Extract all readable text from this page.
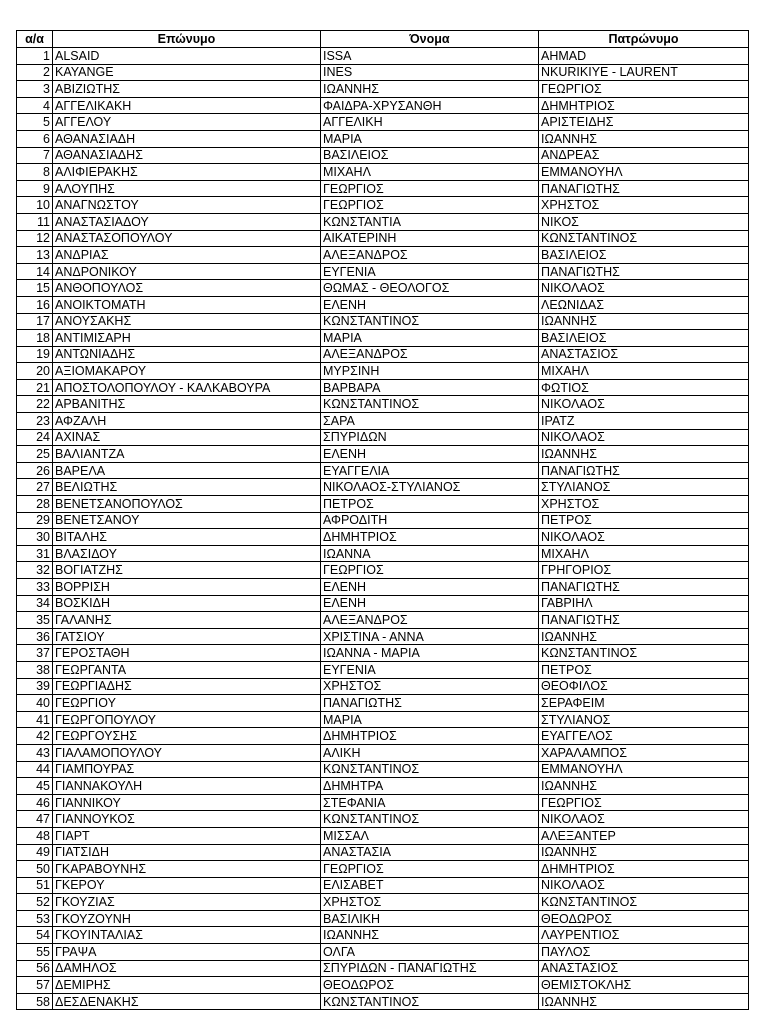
α/α	Επώνυμο	Όνομα	Πατρώνυμο
1	ALSAID	ISSA	AHMAD
2	KAYANGE	INES	NKURIKIYE - LAURENT
3	ΑΒΙΖΙΩΤΗΣ	ΙΩΑΝΝΗΣ	ΓΕΩΡΓΙΟΣ
4	ΑΓΓΕΛΙΚΑΚΗ	ΦΑΙΔΡΑ-ΧΡΥΣΑΝΘΗ	ΔΗΜΗΤΡΙΟΣ
5	ΑΓΓΕΛΟΥ	ΑΓΓΕΛΙΚΗ	ΑΡΙΣΤΕΙΔΗΣ
6	ΑΘΑΝΑΣΙΑΔΗ	ΜΑΡΙΑ	ΙΩΑΝΝΗΣ
7	ΑΘΑΝΑΣΙΑΔΗΣ	ΒΑΣΙΛΕΙΟΣ	ΑΝΔΡΕΑΣ
8	ΑΛΙΦΙΕΡΑΚΗΣ	ΜΙΧΑΗΛ	ΕΜΜΑΝΟΥΗΛ
9	ΑΛΟΥΠΗΣ	ΓΕΩΡΓΙΟΣ	ΠΑΝΑΓΙΩΤΗΣ
10	ΑΝΑΓΝΩΣΤΟΥ	ΓΕΩΡΓΙΟΣ	ΧΡΗΣΤΟΣ
11	ΑΝΑΣΤΑΣΙΑΔΟΥ	ΚΩΝΣΤΑΝΤΙΑ	ΝΙΚΟΣ
12	ΑΝΑΣΤΑΣΟΠΟΥΛΟΥ	ΑΙΚΑΤΕΡΙΝΗ	ΚΩΝΣΤΑΝΤΙΝΟΣ
13	ΑΝΔΡΙΑΣ	ΑΛΕΞΑΝΔΡΟΣ	ΒΑΣΙΛΕΙΟΣ
14	ΑΝΔΡΟΝΙΚΟΥ	ΕΥΓΕΝΙΑ	ΠΑΝΑΓΙΩΤΗΣ
15	ΑΝΘΟΠΟΥΛΟΣ	ΘΩΜΑΣ - ΘΕΟΛΟΓΟΣ	ΝΙΚΟΛΑΟΣ
16	ΑΝΟΙΚΤΟΜΑΤΗ	ΕΛΕΝΗ	ΛΕΩΝΙΔΑΣ
17	ΑΝΟΥΣΑΚΗΣ	ΚΩΝΣΤΑΝΤΙΝΟΣ	ΙΩΑΝΝΗΣ
18	ΑΝΤΙΜΙΣΑΡΗ	ΜΑΡΙΑ	ΒΑΣΙΛΕΙΟΣ
19	ΑΝΤΩΝΙΑΔΗΣ	ΑΛΕΞΑΝΔΡΟΣ	ΑΝΑΣΤΑΣΙΟΣ
20	ΑΞΙΟΜΑΚΑΡΟΥ	ΜΥΡΣΙΝΗ	ΜΙΧΑΗΛ
21	ΑΠΟΣΤΟΛΟΠΟΥΛΟΥ - ΚΑΛΚΑΒΟΥΡΑ	ΒΑΡΒΑΡΑ	ΦΩΤΙΟΣ
22	ΑΡΒΑΝΙΤΗΣ	ΚΩΝΣΤΑΝΤΙΝΟΣ	ΝΙΚΟΛΑΟΣ
23	ΑΦΖΑΛΗ	ΣΑΡΑ	ΙΡΑΤΖ
24	ΑΧΙΝΑΣ	ΣΠΥΡΙΔΩΝ	ΝΙΚΟΛΑΟΣ
25	ΒΑΛΙΑΝΤΖΑ	ΕΛΕΝΗ	ΙΩΑΝΝΗΣ
26	ΒΑΡΕΛΑ	ΕΥΑΓΓΕΛΙΑ	ΠΑΝΑΓΙΩΤΗΣ
27	ΒΕΛΙΩΤΗΣ	ΝΙΚΟΛΑΟΣ-ΣΤΥΛΙΑΝΟΣ	ΣΤΥΛΙΑΝΟΣ
28	ΒΕΝΕΤΣΑΝΟΠΟΥΛΟΣ	ΠΕΤΡΟΣ	ΧΡΗΣΤΟΣ
29	ΒΕΝΕΤΣΑΝΟΥ	ΑΦΡΟΔΙΤΗ	ΠΕΤΡΟΣ
30	ΒΙΤΑΛΗΣ	ΔΗΜΗΤΡΙΟΣ	ΝΙΚΟΛΑΟΣ
31	ΒΛΑΣΙΔΟΥ	ΙΩΑΝΝΑ	ΜΙΧΑΗΛ
32	ΒΟΓΙΑΤΖΗΣ	ΓΕΩΡΓΙΟΣ	ΓΡΗΓΟΡΙΟΣ
33	ΒΟΡΡΙΣΗ	ΕΛΕΝΗ	ΠΑΝΑΓΙΩΤΗΣ
34	ΒΟΣΚΙΔΗ	ΕΛΕΝΗ	ΓΑΒΡΙΗΛ
35	ΓΑΛΑΝΗΣ	ΑΛΕΞΑΝΔΡΟΣ	ΠΑΝΑΓΙΩΤΗΣ
36	ΓΑΤΣΙΟΥ	ΧΡΙΣΤΙΝΑ - ΑΝΝΑ	ΙΩΑΝΝΗΣ
37	ΓΕΡΟΣΤΑΘΗ	ΙΩΑΝΝΑ - ΜΑΡΙΑ	ΚΩΝΣΤΑΝΤΙΝΟΣ
38	ΓΕΩΡΓΑΝΤΑ	ΕΥΓΕΝΙΑ	ΠΕΤΡΟΣ
39	ΓΕΩΡΓΙΑΔΗΣ	ΧΡΗΣΤΟΣ	ΘΕΟΦΙΛΟΣ
40	ΓΕΩΡΓΙΟΥ	ΠΑΝΑΓΙΩΤΗΣ	ΣΕΡΑΦΕΙΜ
41	ΓΕΩΡΓΟΠΟΥΛΟΥ	ΜΑΡΙΑ	ΣΤΥΛΙΑΝΟΣ
42	ΓΕΩΡΓΟΥΣΗΣ	ΔΗΜΗΤΡΙΟΣ	ΕΥΑΓΓΕΛΟΣ
43	ΓΙΑΛΑΜΟΠΟΥΛΟΥ	ΑΛΙΚΗ	ΧΑΡΑΛΑΜΠΟΣ
44	ΓΙΑΜΠΟΥΡΑΣ	ΚΩΝΣΤΑΝΤΙΝΟΣ	ΕΜΜΑΝΟΥΗΛ
45	ΓΙΑΝΝΑΚΟΥΛΗ	ΔΗΜΗΤΡΑ	ΙΩΑΝΝΗΣ
46	ΓΙΑΝΝΙΚΟΥ	ΣΤΕΦΑΝΙΑ	ΓΕΩΡΓΙΟΣ
47	ΓΙΑΝΝΟΥΚΟΣ	ΚΩΝΣΤΑΝΤΙΝΟΣ	ΝΙΚΟΛΑΟΣ
48	ΓΙΑΡΤ	ΜΙΣΣΑΛ	ΑΛΕΞΑΝΤΕΡ
49	ΓΙΑΤΣΙΔΗ	ΑΝΑΣΤΑΣΙΑ	ΙΩΑΝΝΗΣ
50	ΓΚΑΡΑΒΟΥΝΗΣ	ΓΕΩΡΓΙΟΣ	ΔΗΜΗΤΡΙΟΣ
51	ΓΚΕΡΟΥ	ΕΛΙΣΑΒΕΤ	ΝΙΚΟΛΑΟΣ
52	ΓΚΟΥΖΙΑΣ	ΧΡΗΣΤΟΣ	ΚΩΝΣΤΑΝΤΙΝΟΣ
53	ΓΚΟΥΖΟΥΝΗ	ΒΑΣΙΛΙΚΗ	ΘΕΟΔΩΡΟΣ
54	ΓΚΟΥΙΝΤΑΛΙΑΣ	ΙΩΑΝΝΗΣ	ΛΑΥΡΕΝΤΙΟΣ
55	ΓΡΑΨΑ	ΟΛΓΑ	ΠΑΥΛΟΣ
56	ΔΑΜΗΛΟΣ	ΣΠΥΡΙΔΩΝ - ΠΑΝΑΓΙΩΤΗΣ	ΑΝΑΣΤΑΣΙΟΣ
57	ΔΕΜΙΡΗΣ	ΘΕΟΔΩΡΟΣ	ΘΕΜΙΣΤΟΚΛΗΣ
58	ΔΕΣΔΕΝΑΚΗΣ	ΚΩΝΣΤΑΝΤΙΝΟΣ	ΙΩΑΝΝΗΣ
